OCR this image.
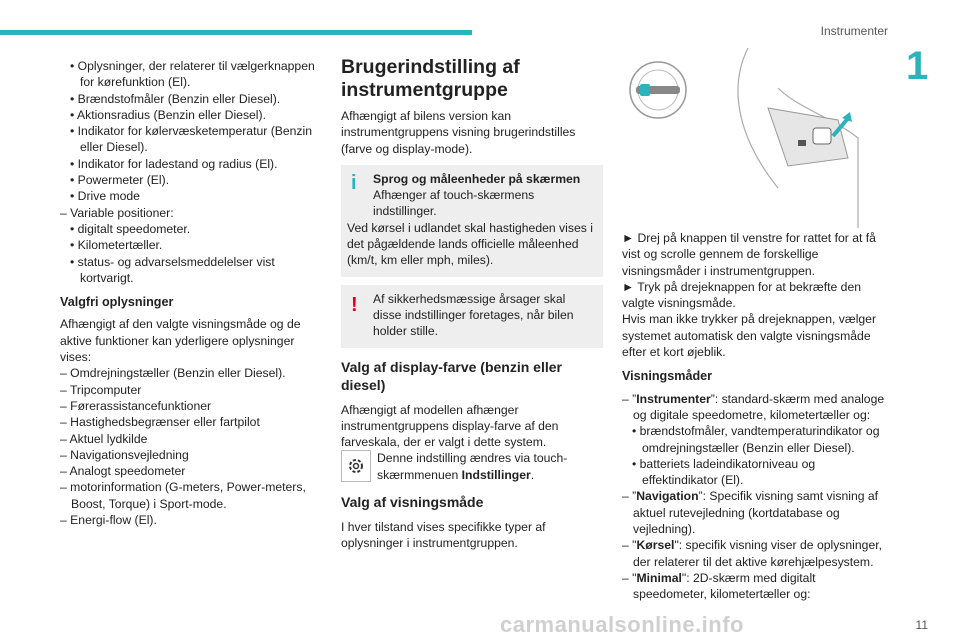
Instrumenter
1

• Oplysninger, der relaterer til vælgerknappen for kørefunktion (El).

• Brændstofmåler (Benzin eller Diesel).

• Aktionsradius (Benzin eller Diesel).

• Indikator for kølervæsketemperatur (Benzin eller Diesel).

• Indikator for ladestand og radius (El).

• Powermeter (El).

• Drive mode

– Variable positioner:

• digitalt speedometer.

• Kilometertæller.

• status- og advarselsmeddelelser vist kortvarigt.

Valgfri oplysninger

Afhængigt af den valgte visningsmåde og de aktive funktioner kan yderligere oplysninger vises:

– Omdrejningstæller (Benzin eller Diesel).

– Tripcomputer

– Førerassistancefunktioner

– Hastighedsbegrænser eller fartpilot

– Aktuel lydkilde

– Navigationsvejledning

– Analogt speedometer

– motorinformation (G-meters, Power-meters, Boost, Torque) i Sport-mode.

– Energi-flow (El).

Brugerindstilling af instrumentgruppe

Afhængigt af bilens version kan instrumentgruppens visning brugerindstilles (farve og display-mode).

i	Sprog og måleenheder på skærmen

Afhænger af touch-skærmens indstillinger.

Ved kørsel i udlandet skal hastigheden vises i det pågældende lands officielle måleenhed (km/t, km eller mph, miles).

!	Af sikkerhedsmæssige årsager skal disse indstillinger foretages, når bilen holder stille.

Valg af display-farve (benzin eller diesel)

Afhængigt af modellen afhænger instrumentgruppens display-farve af den farveskala, der er valgt i dette system.

Denne indstilling ændres via touch-skærmmenuen Indstillinger.

Valg af visningsmåde

I hver tilstand vises specifikke typer af oplysninger i instrumentgruppen.

► Drej på knappen til venstre for rattet for at få vist og scrolle gennem de forskellige visningsmåder i instrumentgruppen.

► Tryk på drejeknappen for at bekræfte den valgte visningsmåde.

Hvis man ikke trykker på drejeknappen, vælger systemet automatisk den valgte visningsmåde efter et kort øjeblik.

Visningsmåder

– ”Instrumenter”: standard-skærm med analoge og digitale speedometre, kilometertæller og:

• brændstofmåler, vandtemperaturindikator og omdrejningstæller (Benzin eller Diesel).

• batteriets ladeindikatorniveau og effektindikator (El).

– ”Navigation”: Specifik visning samt visning af aktuel rutevejledning (kortdatabase og vejledning).

– "Kørsel": specifik visning viser de oplysninger, der relaterer til det aktive kørehjælpesystem.

– "Minimal": 2D-skærm med digitalt speedometer, kilometertæller og:

11
carmanualsonline.info
